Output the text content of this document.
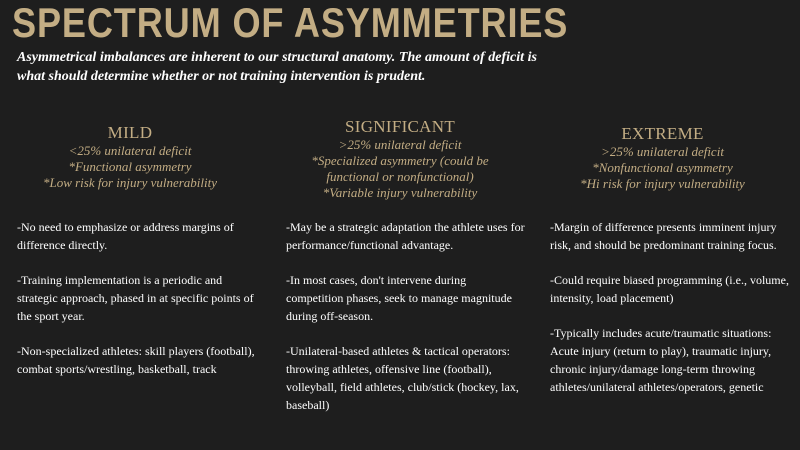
SPECTRUM OF ASYMMETRIES

Asymmetrical imbalances are inherent to our structural anatomy. The amount of deficit is what should determine whether or not training intervention is prudent.

MILD
<25% unilateral deficit
*Functional asymmetry
*Low risk for injury vulnerability
SIGNIFICANT
>25% unilateral deficit
*Specialized asymmetry (could be
functional or nonfunctional)
*Variable injury vulnerability
EXTREME
>25% unilateral deficit
*Nonfunctional asymmetry
*Hi risk for injury vulnerability

-No need to emphasize or address margins of difference directly.

-Training implementation is a periodic and strategic approach, phased in at specific points of the sport year.

-Non-specialized athletes: skill players (football), combat sports/wrestling, basketball, track

-May be a strategic adaptation the athlete uses for performance/functional advantage.

-In most cases, don't intervene during competition phases, seek to manage magnitude during off-season.

-Unilateral-based athletes & tactical operators: throwing athletes, offensive line (football), volleyball, field athletes, club/stick (hockey, lax, baseball)

-Margin of difference presents imminent injury risk, and should be predominant training focus.

-Could require biased programming (i.e., volume, intensity, load placement)

-Typically includes acute/traumatic situations: Acute injury (return to play), traumatic injury, chronic injury/damage long-term throwing athletes/unilateral athletes/operators, genetic
